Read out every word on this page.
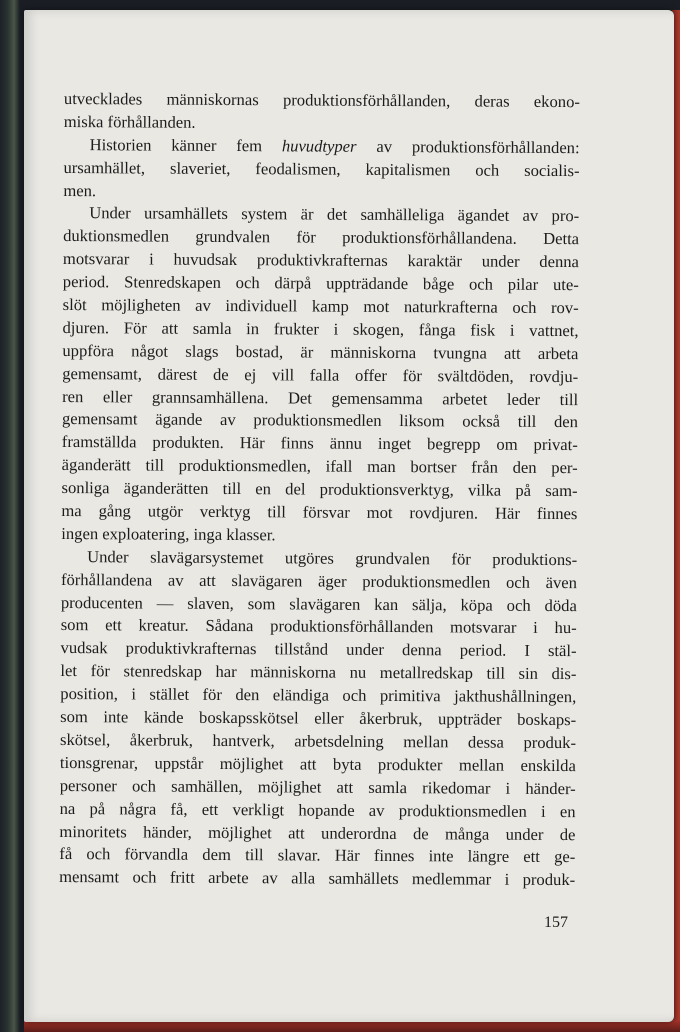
utvecklades människornas produktionsförhållanden, deras ekono-
miska förhållanden.
Historien känner fem huvudtyper av produktionsförhållanden:
ursamhället, slaveriet, feodalismen, kapitalismen och socialis-
men.
Under ursamhällets system är det samhälleliga ägandet av pro-
duktionsmedlen grundvalen för produktionsförhållandena. Detta
motsvarar i huvudsak produktivkrafternas karaktär under denna
period. Stenredskapen och därpå uppträdande båge och pilar ute-
slöt möjligheten av individuell kamp mot naturkrafterna och rov-
djuren. För att samla in frukter i skogen, fånga fisk i vattnet,
uppföra något slags bostad, är människorna tvungna att arbeta
gemensamt, därest de ej vill falla offer för svältdöden, rovdju-
ren eller grannsamhällena. Det gemensamma arbetet leder till
gemensamt ägande av produktionsmedlen liksom också till den
framställda produkten. Här finns ännu inget begrepp om privat-
äganderätt till produktionsmedlen, ifall man bortser från den per-
sonliga äganderätten till en del produktionsverktyg, vilka på sam-
ma gång utgör verktyg till försvar mot rovdjuren. Här finnes
ingen exploatering, inga klasser.
Under slavägarsystemet utgöres grundvalen för produktions-
förhållandena av att slavägaren äger produktionsmedlen och även
producenten — slaven, som slavägaren kan sälja, köpa och döda
som ett kreatur. Sådana produktionsförhållanden motsvarar i hu-
vudsak produktivkrafternas tillstånd under denna period. I stäl-
let för stenredskap har människorna nu metallredskap till sin dis-
position, i stället för den eländiga och primitiva jakthushållningen,
som inte kände boskapsskötsel eller åkerbruk, uppträder boskaps-
skötsel, åkerbruk, hantverk, arbetsdelning mellan dessa produk-
tionsgrenar, uppstår möjlighet att byta produkter mellan enskilda
personer och samhällen, möjlighet att samla rikedomar i händer-
na på några få, ett verkligt hopande av produktionsmedlen i en
minoritets händer, möjlighet att underordna de många under de
få och förvandla dem till slavar. Här finnes inte längre ett ge-
mensamt och fritt arbete av alla samhällets medlemmar i produk-
157
